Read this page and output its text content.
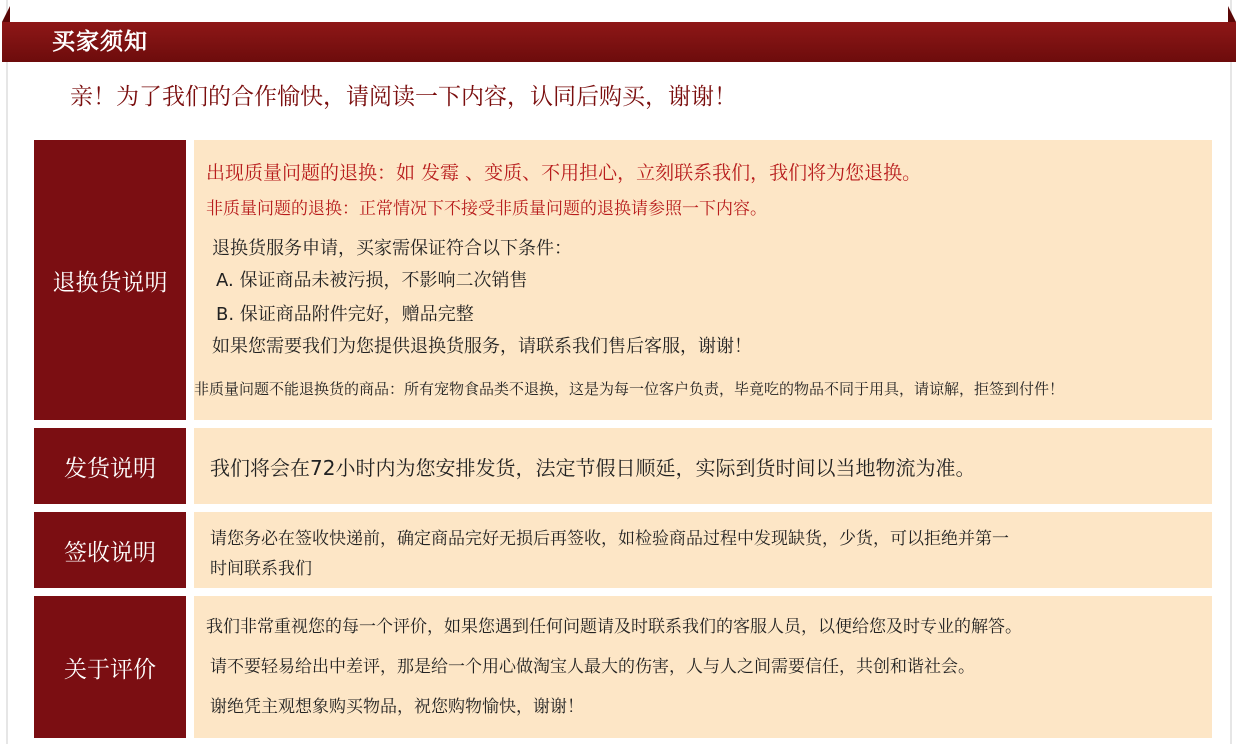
买家须知
亲！为了我们的合作愉快，请阅读一下内容，认同后购买，谢谢！
退换货说明
出现质量问题的退换：如 发霉 、变质、不用担心，立刻联系我们，我们将为您退换。
非质量问题的退换：正常情况下不接受非质量问题的退换请参照一下内容。
退换货服务申请，买家需保证符合以下条件：
A. 保证商品未被污损，不影响二次销售
B. 保证商品附件完好，赠品完整
如果您需要我们为您提供退换货服务，请联系我们售后客服，谢谢！
非质量问题不能退换货的商品：所有宠物食品类不退换，这是为每一位客户负责，毕竟吃的物品不同于用具，请谅解，拒签到付件！
发货说明	我们将会在72小时内为您安排发货，法定节假日顺延，实际到货时间以当地物流为准。
签收说明
请您务必在签收快递前，确定商品完好无损后再签收，如检验商品过程中发现缺货，少货，可以拒绝并第一
时间联系我们
关于评价
我们非常重视您的每一个评价，如果您遇到任何问题请及时联系我们的客服人员，以便给您及时专业的解答。
请不要轻易给出中差评，那是给一个用心做淘宝人最大的伤害，人与人之间需要信任，共创和谐社会。
谢绝凭主观想象购买物品，祝您购物愉快，谢谢！
